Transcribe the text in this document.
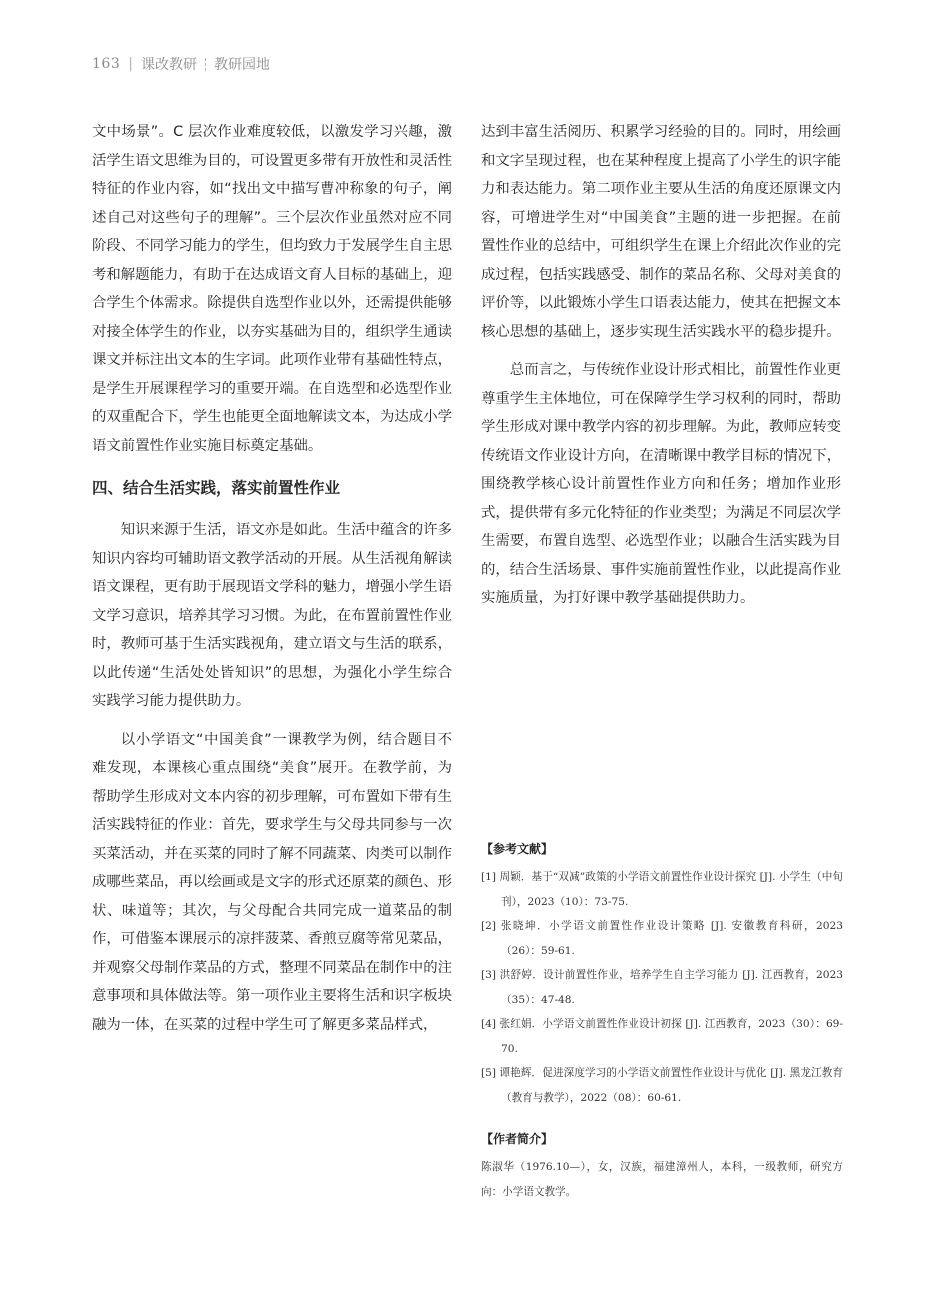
163 | 课改教研 教研园地

文中场景”。C 层次作业难度较低，以激发学习兴趣，激活学生语文思维为目的，可设置更多带有开放性和灵活性特征的作业内容，如“找出文中描写曹冲称象的句子，阐述自己对这些句子的理解”。三个层次作业虽然对应不同阶段、不同学习能力的学生，但均致力于发展学生自主思考和解题能力，有助于在达成语文育人目标的基础上，迎合学生个体需求。除提供自选型作业以外，还需提供能够对接全体学生的作业，以夯实基础为目的，组织学生通读课文并标注出文本的生字词。此项作业带有基础性特点，是学生开展课程学习的重要开端。在自选型和必选型作业的双重配合下，学生也能更全面地解读文本，为达成小学语文前置性作业实施目标奠定基础。

四、结合生活实践，落实前置性作业

知识来源于生活，语文亦是如此。生活中蕴含的许多知识内容均可辅助语文教学活动的开展。从生活视角解读语文课程，更有助于展现语文学科的魅力，增强小学生语文学习意识，培养其学习习惯。为此，在布置前置性作业时，教师可基于生活实践视角，建立语文与生活的联系，以此传递“生活处处皆知识”的思想，为强化小学生综合实践学习能力提供助力。

以小学语文“中国美食”一课教学为例，结合题目不难发现，本课核心重点围绕“美食”展开。在教学前，为帮助学生形成对文本内容的初步理解，可布置如下带有生活实践特征的作业：首先，要求学生与父母共同参与一次买菜活动，并在买菜的同时了解不同蔬菜、肉类可以制作成哪些菜品，再以绘画或是文字的形式还原菜的颜色、形状、味道等；其次，与父母配合共同完成一道菜品的制作，可借鉴本课展示的凉拌菠菜、香煎豆腐等常见菜品，并观察父母制作菜品的方式，整理不同菜品在制作中的注意事项和具体做法等。第一项作业主要将生活和识字板块融为一体，在买菜的过程中学生可了解更多菜品样式，

达到丰富生活阅历、积累学习经验的目的。同时，用绘画和文字呈现过程，也在某种程度上提高了小学生的识字能力和表达能力。第二项作业主要从生活的角度还原课文内容，可增进学生对“中国美食”主题的进一步把握。在前置性作业的总结中，可组织学生在课上介绍此次作业的完成过程，包括实践感受、制作的菜品名称、父母对美食的评价等，以此锻炼小学生口语表达能力，使其在把握文本核心思想的基础上，逐步实现生活实践水平的稳步提升。

总而言之，与传统作业设计形式相比，前置性作业更尊重学生主体地位，可在保障学生学习权利的同时，帮助学生形成对课中教学内容的初步理解。为此，教师应转变传统语文作业设计方向，在清晰课中教学目标的情况下，围绕教学核心设计前置性作业方向和任务；增加作业形式，提供带有多元化特征的作业类型；为满足不同层次学生需要，布置自选型、必选型作业；以融合生活实践为目的，结合生活场景、事件实施前置性作业，以此提高作业实施质量，为打好课中教学基础提供助力。

【参考文献】

[1] 周颖．基于“双减”政策的小学语文前置性作业设计探究 [J]. 小学生（中旬刊），2023（10）：73-75.

[2] 张晓坤．小学语文前置性作业设计策略 [J]. 安徽教育科研，2023（26）：59-61.

[3] 洪舒婷．设计前置性作业，培养学生自主学习能力 [J]. 江西教育，2023（35）：47-48.

[4] 张红娟．小学语文前置性作业设计初探 [J]. 江西教育，2023（30）：69-70.

[5] 谭艳辉．促进深度学习的小学语文前置性作业设计与优化 [J]. 黑龙江教育（教育与教学），2022（08）：60-61.

【作者简介】

陈淑华（1976.10—），女，汉族，福建漳州人，本科，一级教师，研究方向：小学语文教学。
